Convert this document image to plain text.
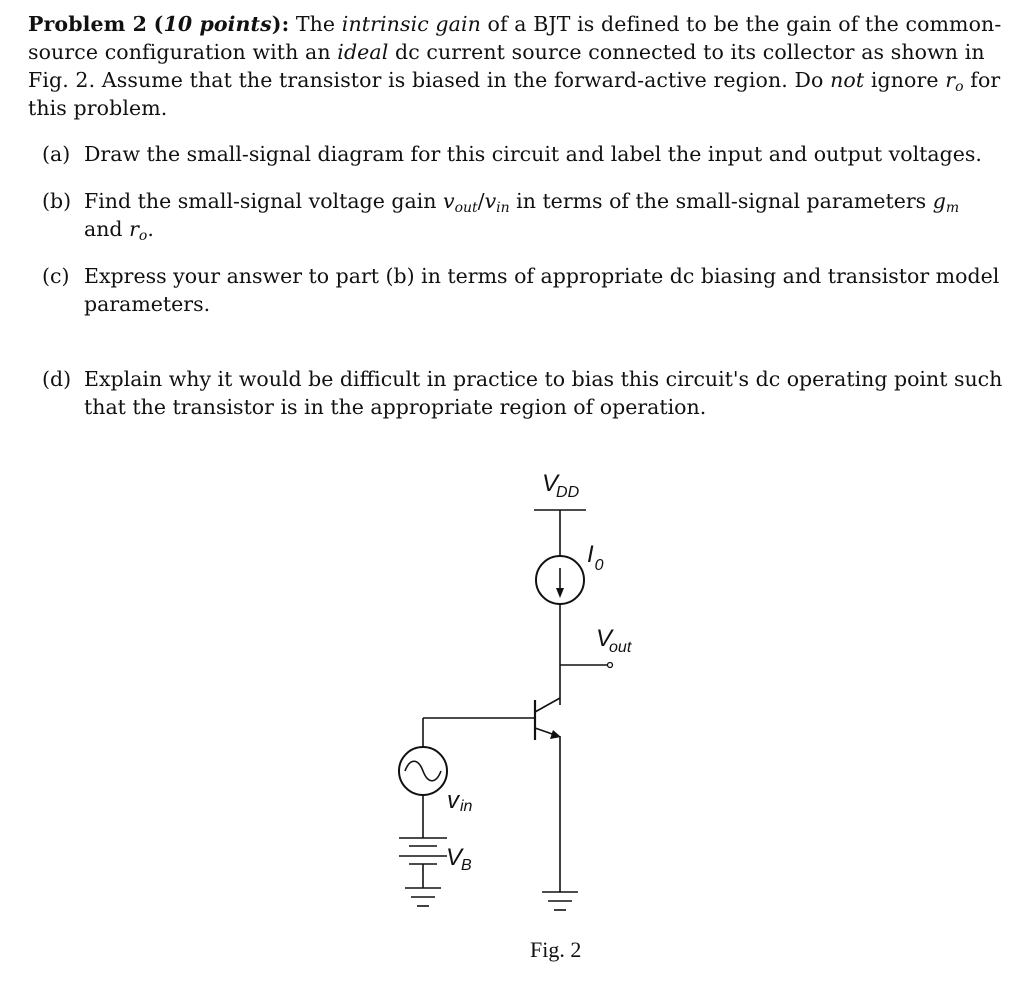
Problem 2 (10 points): The intrinsic gain of a BJT is defined to be the gain of the common-source configuration with an ideal dc current source connected to its collector as shown in Fig. 2. Assume that the transistor is biased in the forward-active region. Do not ignore $r_o$ for this problem.
(a) Draw the small-signal diagram for this circuit and label the input and output voltages.
(b) Find the small-signal voltage gain $v_{out}/v_{in}$ in terms of the small-signal parameters $g_m$ and $r_o$.
(c) Express your answer to part (b) in terms of appropriate dc biasing and transistor model parameters.
(d) Explain why it would be difficult in practice to bias this circuit's dc operating point such that the transistor is in the appropriate region of operation.
VDD
$I_0$
Vout
vin
VB
Fig. 2
